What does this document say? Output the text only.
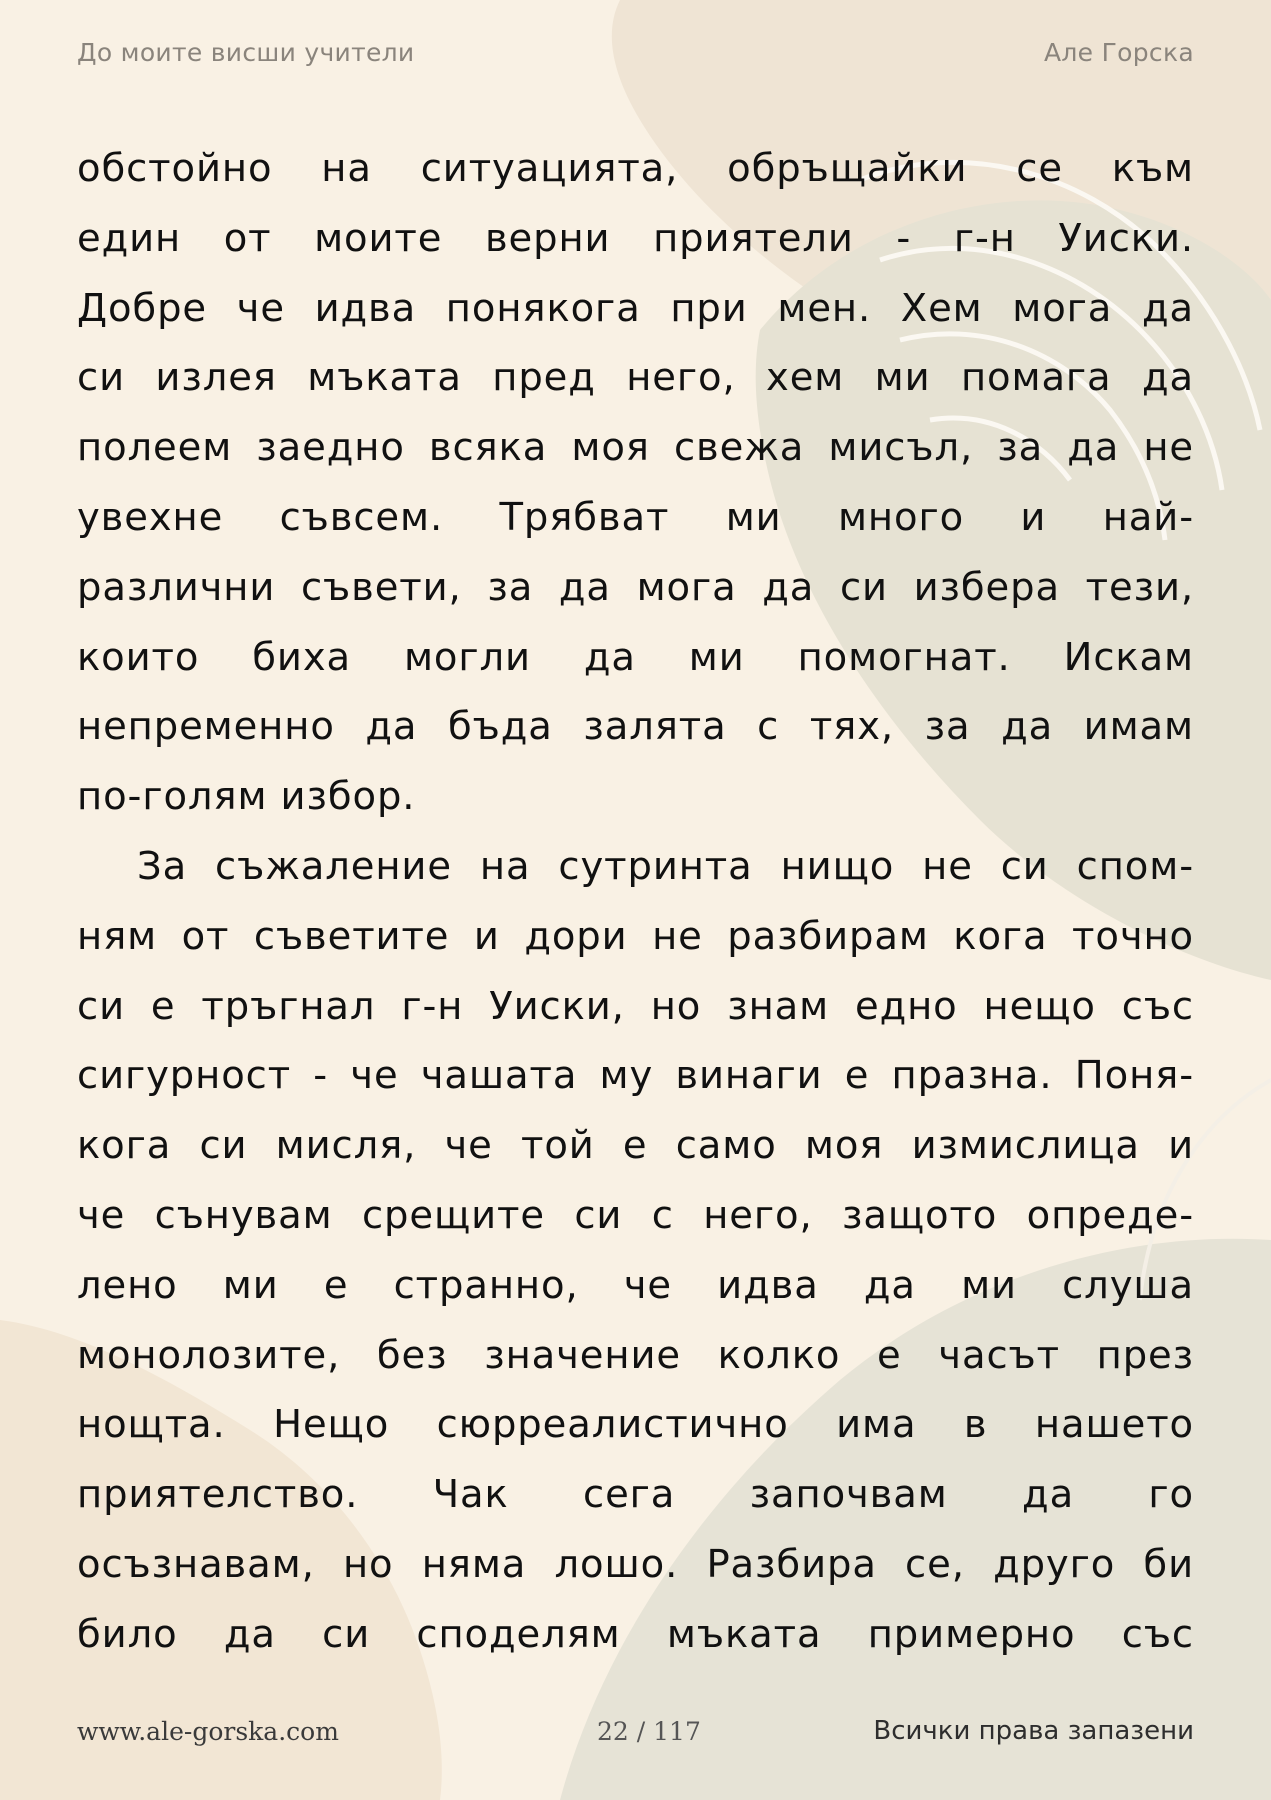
До моите висши учители	Але Горска
обстойно на ситуацията, обръщайки се към
един от моите верни приятели - г-н Уиски.
Добре че идва понякога при мен. Хем мога да
си излея мъката пред него, хем ми помага да
полеем заедно всяка моя свежа мисъл, за да не
увехне съвсем. Трябват ми много и най-
различни съвети, за да мога да си избера тези,
които биха могли да ми помогнат. Искам
непременно да бъда залята с тях, за да имам
по-голям избор.
За съжаление на сутринта нищо не си спом-
ням от съветите и дори не разбирам кога точно
си е тръгнал г-н Уиски, но знам едно нещо със
сигурност - че чашата му винаги е празна. Поня-
кога си мисля, че той е само моя измислица и
че сънувам срещите си с него, защото опреде-
лено ми е странно, че идва да ми слуша
монолозите, без значение колко е часът през
нощта. Нещо сюрреалистично има в нашето
приятелство. Чак сега започвам да го
осъзнавам, но няма лошо. Разбира се, друго би
било да си споделям мъката примерно със
www.ale-gorska.com	22 / 117	Всички права запазени
